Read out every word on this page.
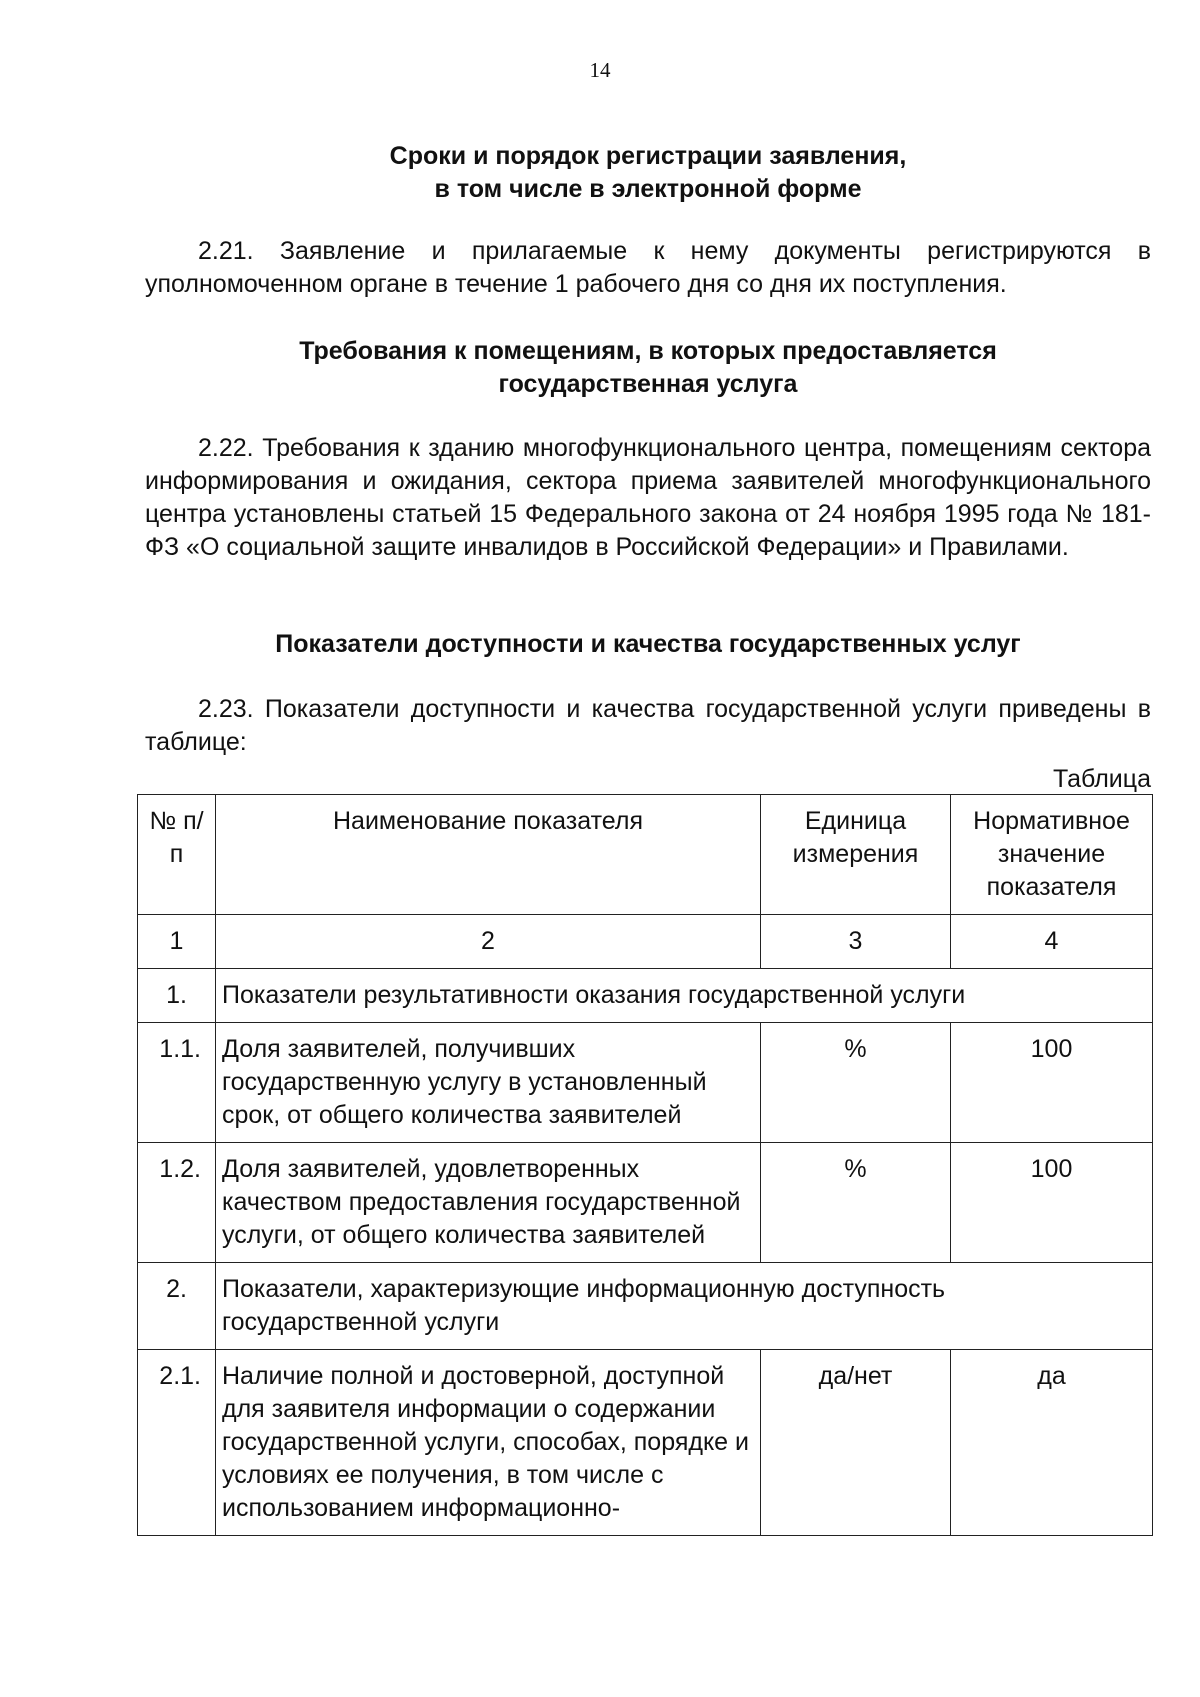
14
Сроки и порядок регистрации заявления,
в том числе в электронной форме
2.21. Заявление и прилагаемые к нему документы регистрируются в уполномоченном органе в течение 1 рабочего дня со дня их поступления.
Требования к помещениям, в которых предоставляется
государственная услуга
2.22. Требования к зданию многофункционального центра, помещениям сектора информирования и ожидания, сектора приема заявителей многофункционального центра установлены статьей 15 Федерального закона от 24 ноября 1995 года № 181-ФЗ «О социальной защите инвалидов в Российской Федерации» и Правилами.
Показатели доступности и качества государственных услуг
2.23. Показатели доступности и качества государственной услуги приведены в таблице:
Таблица
№ п/п	Наименование показателя	Единица измерения	Нормативное значение показателя
1	2	3	4
1.	Показатели результативности оказания государственной услуги		
1.1.	Доля заявителей, получивших государственную услугу в установленный срок, от общего количества заявителей	%	100
1.2.	Доля заявителей, удовлетворенных качеством предоставления государственной услуги, от общего количества заявителей	%	100
2.	Показатели, характеризующие информационную доступность государственной услуги		
2.1.	Наличие полной и достоверной, доступной для заявителя информации о содержании государственной услуги, способах, порядке и условиях ее получения, в том числе с использованием информационно-	да/нет	да
